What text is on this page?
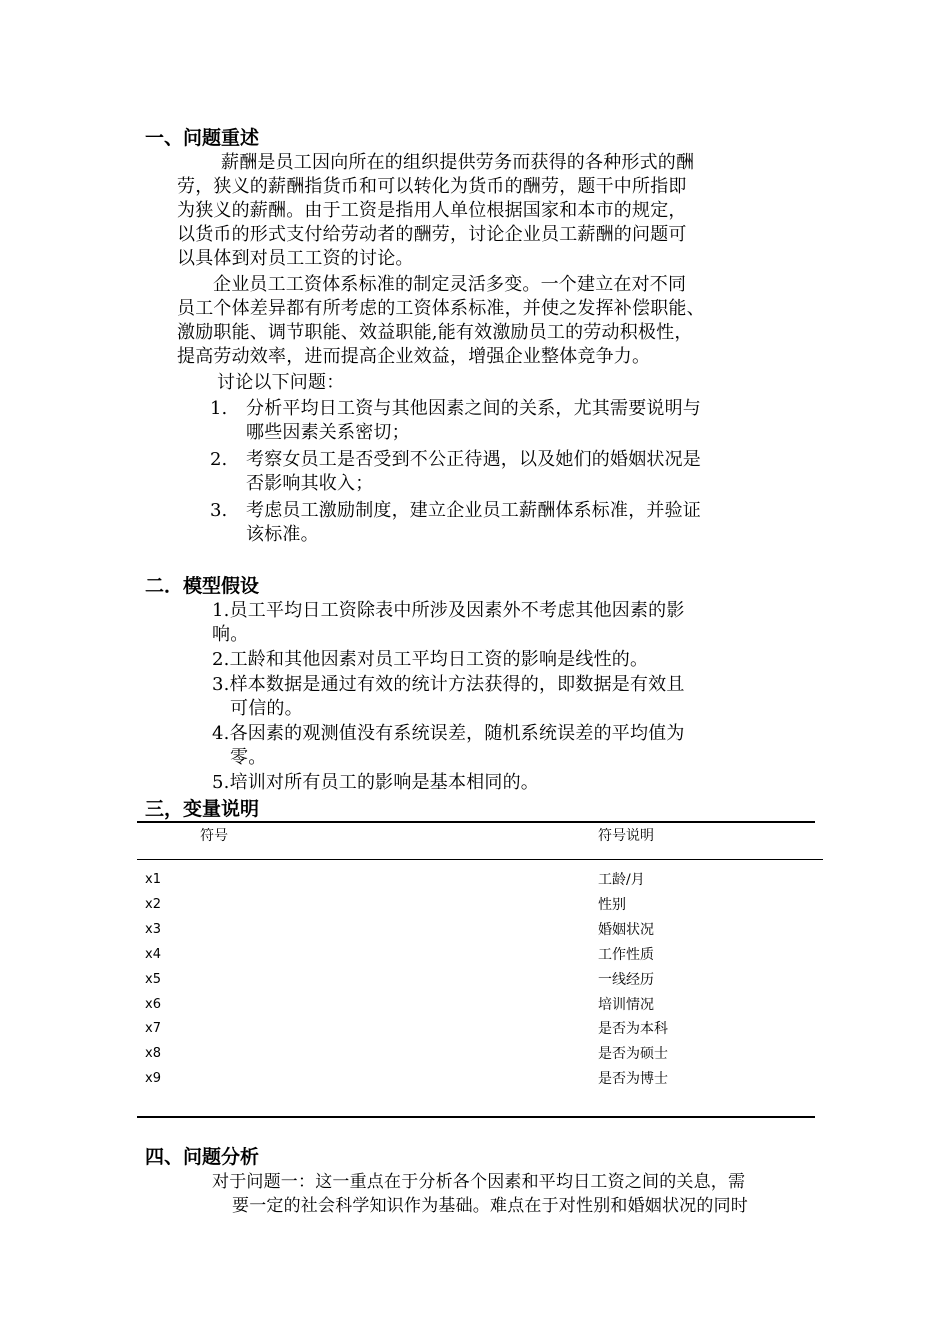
一、问题重述
薪酬是员工因向所在的组织提供劳务而获得的各种形式的酬
劳，狭义的薪酬指货币和可以转化为货币的酬劳，题干中所指即
为狭义的薪酬。由于工资是指用人单位根据国家和本市的规定，
以货币的形式支付给劳动者的酬劳，讨论企业员工薪酬的问题可
以具体到对员工工资的讨论。
企业员工工资体系标准的制定灵活多变。一个建立在对不同
员工个体差异都有所考虑的工资体系标准，并使之发挥补偿职能、
激励职能、调节职能、效益职能,能有效激励员工的劳动积极性，
提高劳动效率，进而提高企业效益，增强企业整体竞争力。
讨论以下问题：
1. 分析平均日工资与其他因素之间的关系，尤其需要说明与
哪些因素关系密切；
2. 考察女员工是否受到不公正待遇，以及她们的婚姻状况是
否影响其收入；
3. 考虑员工激励制度，建立企业员工薪酬体系标准，并验证
该标准。
二．模型假设
1.员工平均日工资除表中所涉及因素外不考虑其他因素的影
响。
2.工龄和其他因素对员工平均日工资的影响是线性的。
3.样本数据是通过有效的统计方法获得的，即数据是有效且
可信的。
4.各因素的观测值没有系统误差，随机系统误差的平均值为
零。
5.培训对所有员工的影响是基本相同的。
三，变量说明
符号	符号说明
x1	工龄/月
x2	性别
x3	婚姻状况
x4	工作性质
x5	一线经历
x6	培训情况
x7	是否为本科
x8	是否为硕士
x9	是否为博士
四、问题分析
对于问题一：这一重点在于分析各个因素和平均日工资之间的关息，需
要一定的社会科学知识作为基础。难点在于对性别和婚姻状况的同时
